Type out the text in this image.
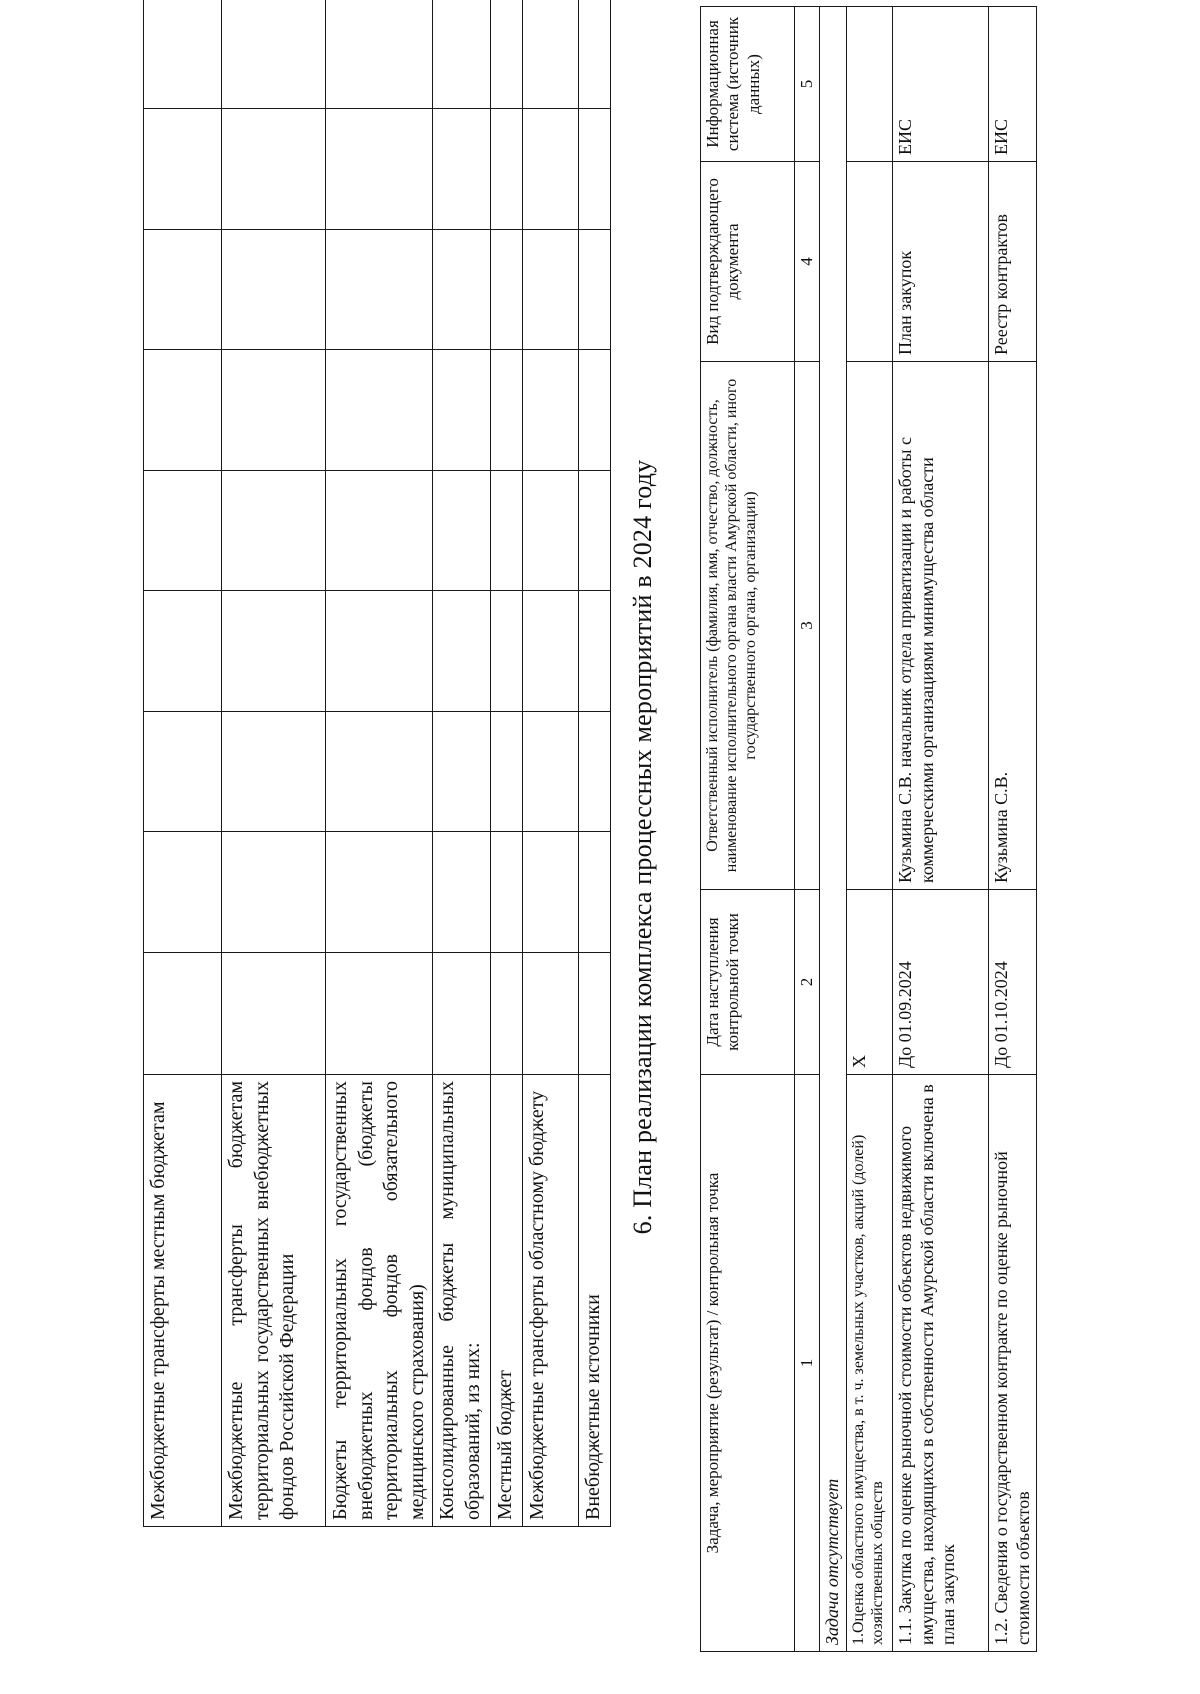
Межбюджетные трансферты местным бюджетам									
Межбюджетные трансферты бюджетам территориальных государственных внебюджетных фондов Российской Федерации									
Бюджеты территориальных государственных внебюджетных фондов (бюджеты территориальных фондов обязательного медицинского страхования)									
Консолидированные бюджеты муниципальных образований, из них:									
Местный бюджет									
Межбюджетные трансферты областному бюджету									
Внебюджетные источники									
6. План реализации комплекса процессных мероприятий в 2024 году
Задача, мероприятие (результат) / контрольная точка	Дата наступления контрольной точки	Ответственный исполнитель (фамилия, имя, отчество, должность, наименование исполнительного органа власти Амурской области, иного государственного органа, организации)	Вид подтверждающего документа	Информационная система (источник данных)
1	2	3	4	5
Задача отсутствует				
1.Оценка областного имущества, в т. ч. земельных участков, акций (долей) хозяйственных обществ	Х			
1.1. Закупка по оценке рыночной стоимости объектов недвижимого имущества, находящихся в собственности Амурской области включена в план закупок	До 01.09.2024	Кузьмина С.В. начальник отдела приватизации и работы с коммерческими организациями минимущества области	План закупок	ЕИС
1.2. Сведения о государственном контракте по оценке рыночной стоимости объектов	До 01.10.2024	Кузьмина С.В.	Реестр контрактов	ЕИС
